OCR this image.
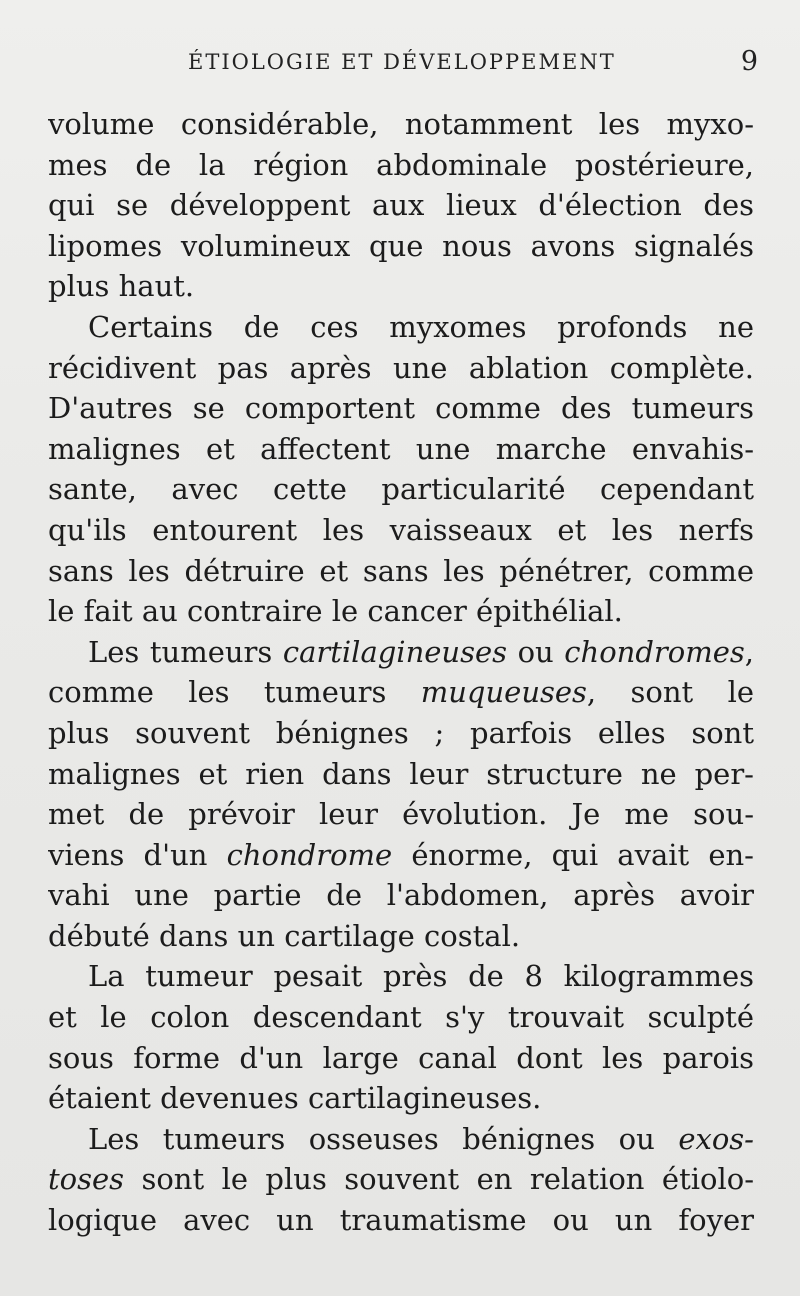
ÉTIOLOGIE ET DÉVELOPPEMENT	9
volume considérable, notamment les myxo-
mes de la région abdominale postérieure,
qui se développent aux lieux d'élection des
lipomes volumineux que nous avons signalés
plus haut.
Certains de ces myxomes profonds ne
récidivent pas après une ablation complète.
D'autres se comportent comme des tumeurs
malignes et affectent une marche envahis-
sante, avec cette particularité cependant
qu'ils entourent les vaisseaux et les nerfs
sans les détruire et sans les pénétrer, comme
le fait au contraire le cancer épithélial.
Les tumeurs cartilagineuses ou chondromes,
comme les tumeurs muqueuses, sont le
plus souvent bénignes ; parfois elles sont
malignes et rien dans leur structure ne per-
met de prévoir leur évolution. Je me sou-
viens d'un chondrome énorme, qui avait en-
vahi une partie de l'abdomen, après avoir
débuté dans un cartilage costal.
La tumeur pesait près de 8 kilogrammes
et le colon descendant s'y trouvait sculpté
sous forme d'un large canal dont les parois
étaient devenues cartilagineuses.
Les tumeurs osseuses bénignes ou exos-
toses sont le plus souvent en relation étiolo-
logique avec un traumatisme ou un foyer
